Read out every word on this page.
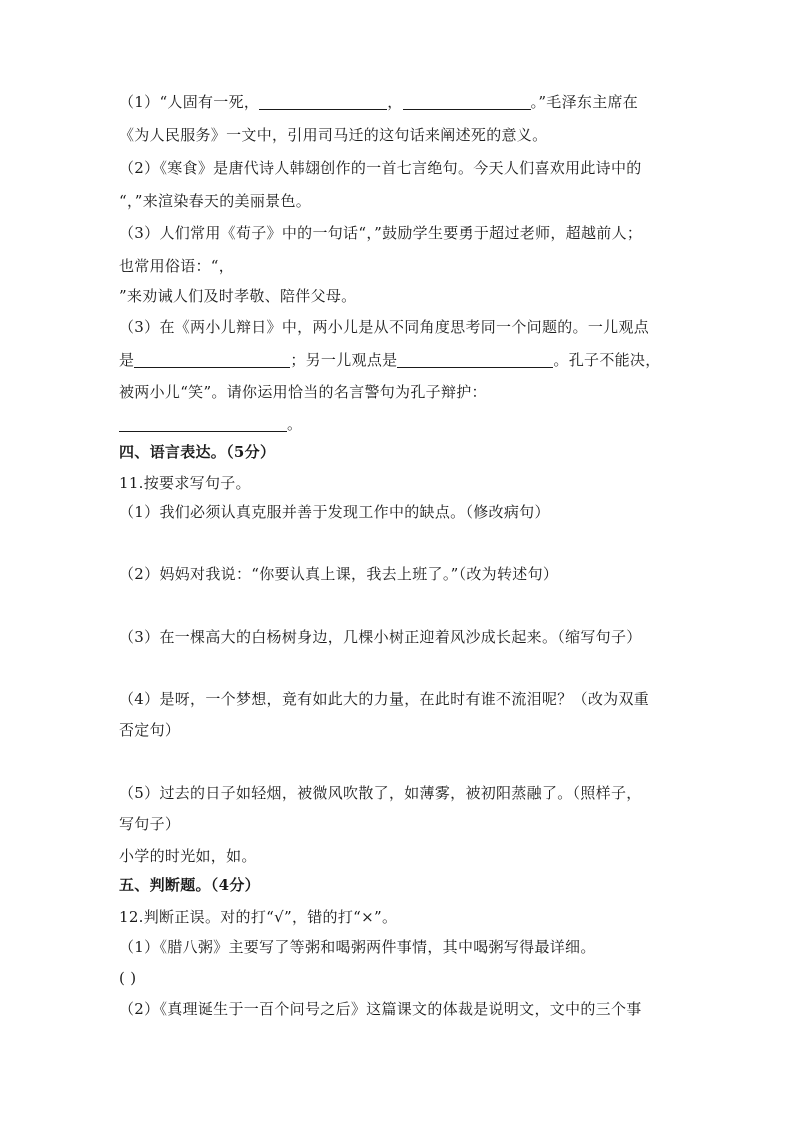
（1）“人固有一死，	，	。”毛泽东主席在
《为人民服务》一文中，引用司马迁的这句话来阐述死的意义。
（2）《寒食》是唐代诗人韩翃创作的一首七言绝句。今天人们喜欢用此诗中的
“，”来渲染春天的美丽景色。
（3）人们常用《荀子》中的一句话“，”鼓励学生要勇于超过老师，超越前人；
也常用俗语：“，
”来劝诫人们及时孝敬、陪伴父母。
（3）在《两小儿辩日》中，两小儿是从不同角度思考同一个问题的。一儿观点
是	；另一儿观点是	。孔子不能决，
被两小儿“笑”。请你运用恰当的名言警句为孔子辩护：
。
四、语言表达。（5分）
11.按要求写句子。
（1）我们必须认真克服并善于发现工作中的缺点。（修改病句）
（2）妈妈对我说：“你要认真上课，我去上班了。”（改为转述句）
（3）在一棵高大的白杨树身边，几棵小树正迎着风沙成长起来。（缩写句子）
（4）是呀，一个梦想，竟有如此大的力量，在此时有谁不流泪呢？（改为双重
否定句）
（5）过去的日子如轻烟，被微风吹散了，如薄雾，被初阳蒸融了。（照样子，
写句子）
小学的时光如，如。
五、判断题。（4分）
12.判断正误。对的打“√”，错的打“×”。
（1）《腊八粥》主要写了等粥和喝粥两件事情，其中喝粥写得最详细。
( )
（2）《真理诞生于一百个问号之后》这篇课文的体裁是说明文，文中的三个事
